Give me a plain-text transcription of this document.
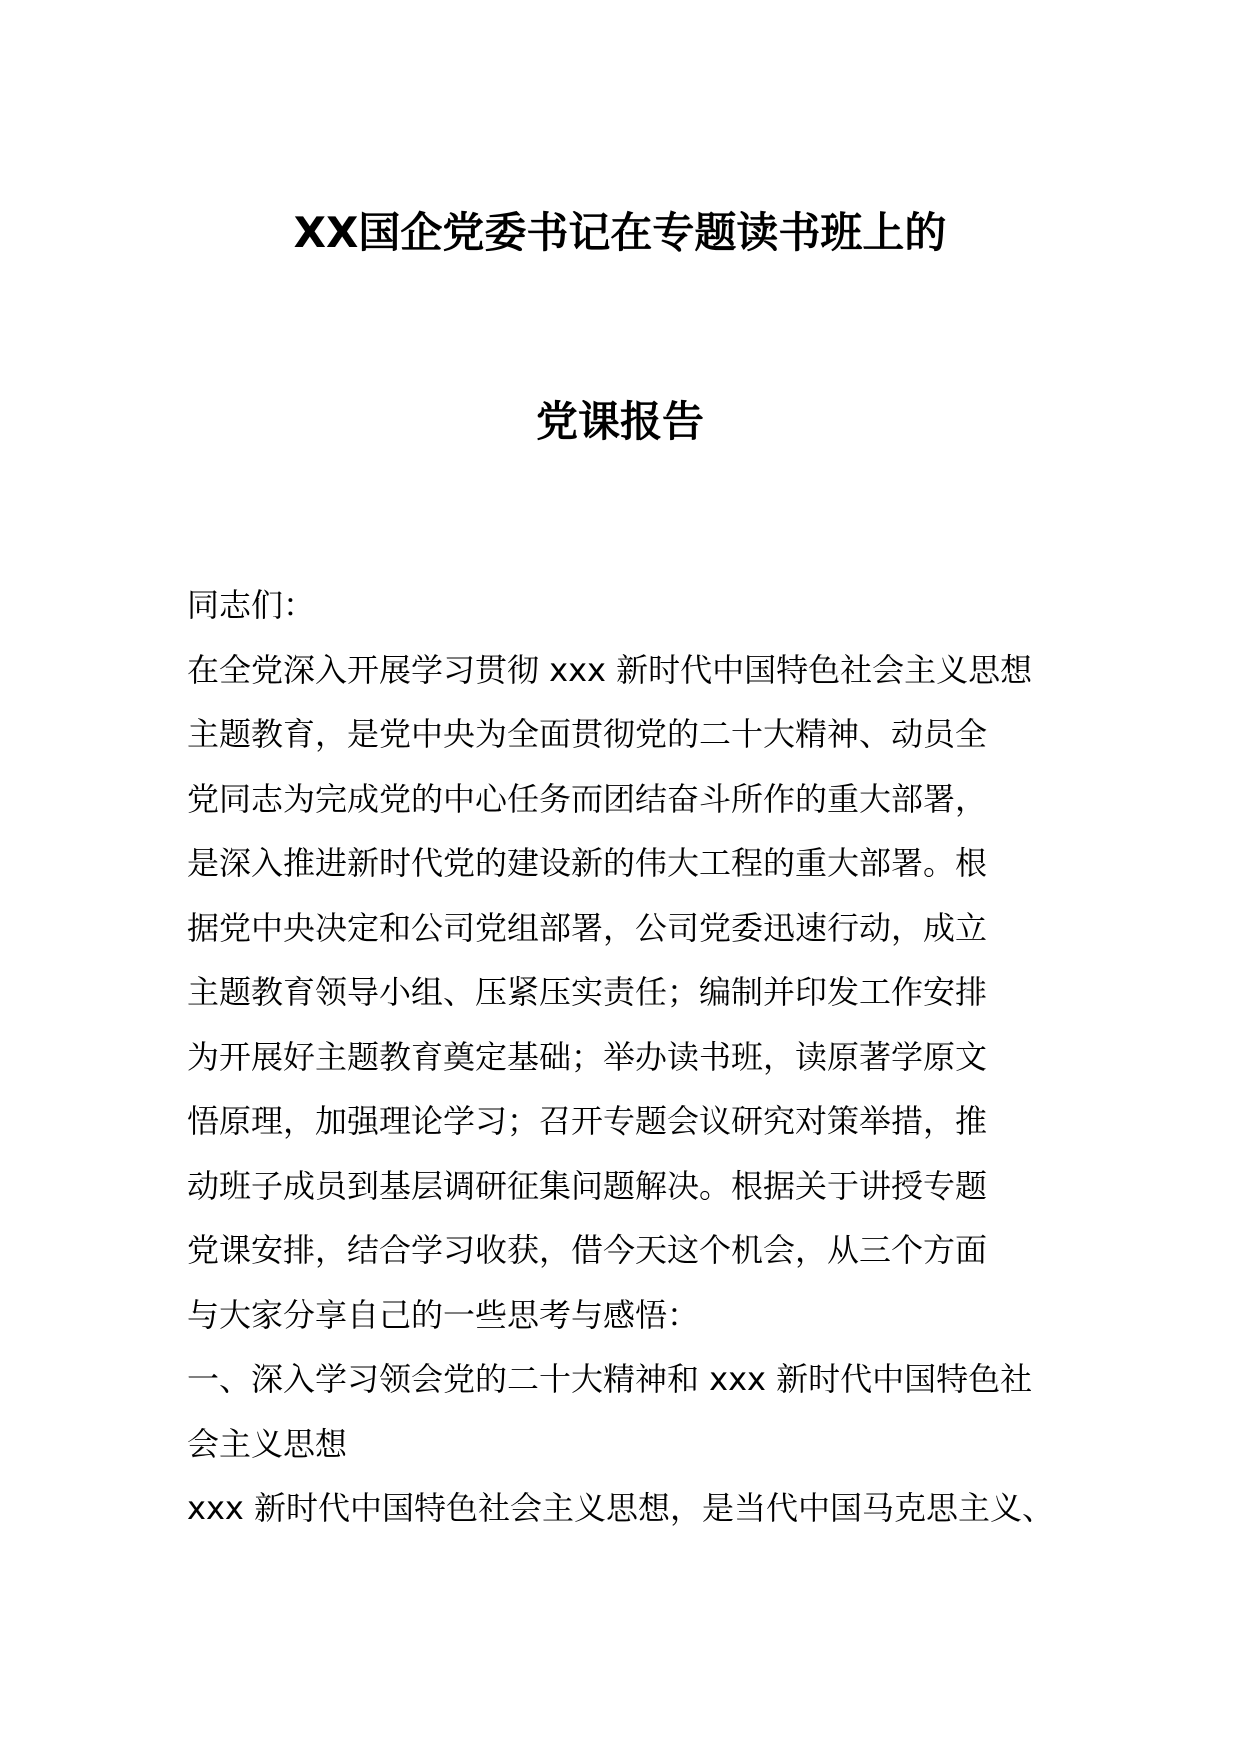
XX国企党委书记在专题读书班上的
党课报告
同志们：
在全党深入开展学习贯彻 xxx 新时代中国特色社会主义思想
主题教育，是党中央为全面贯彻党的二十大精神、动员全
党同志为完成党的中心任务而团结奋斗所作的重大部署，
是深入推进新时代党的建设新的伟大工程的重大部署。根
据党中央决定和公司党组部署，公司党委迅速行动，成立
主题教育领导小组、压紧压实责任；编制并印发工作安排
为开展好主题教育奠定基础；举办读书班，读原著学原文
悟原理，加强理论学习；召开专题会议研究对策举措，推
动班子成员到基层调研征集问题解决。根据关于讲授专题
党课安排，结合学习收获，借今天这个机会，从三个方面
与大家分享自己的一些思考与感悟：
一、深入学习领会党的二十大精神和 xxx 新时代中国特色社
会主义思想
xxx 新时代中国特色社会主义思想，是当代中国马克思主义、
